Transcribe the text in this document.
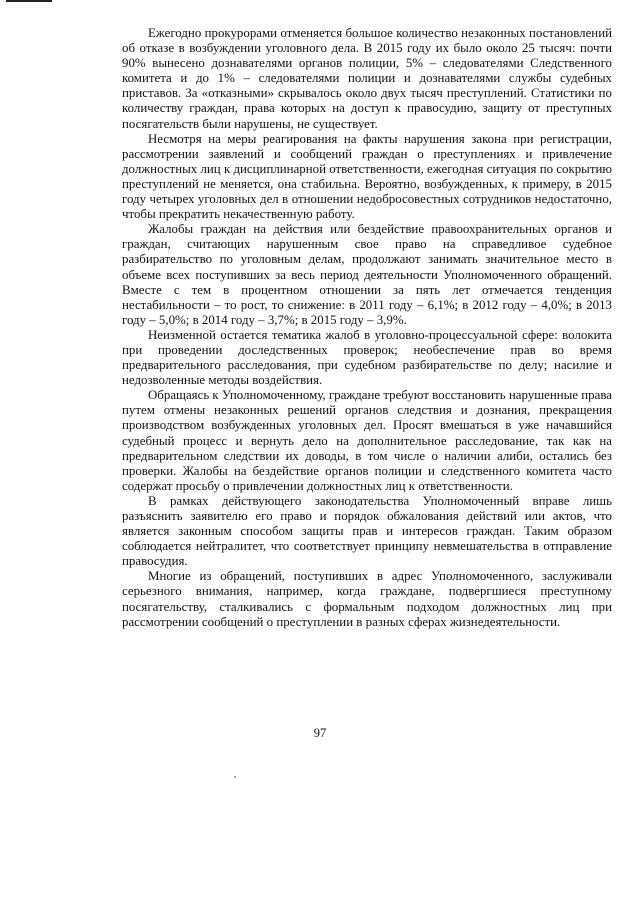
Ежегодно прокурорами отменяется большое количество незаконных постановлений об отказе в возбуждении уголовного дела. В 2015 году их было около 25 тысяч: почти 90% вынесено дознавателями органов полиции, 5% – следователями Следственного комитета и до 1% – следователями полиции и дознавателями службы судебных приставов. За «отказными» скрывалось около двух тысяч преступлений. Статистики по количеству граждан, права которых на доступ к правосудию, защиту от преступных посягательств были нарушены, не существует.

Несмотря на меры реагирования на факты нарушения закона при регистрации, рассмотрении заявлений и сообщений граждан о преступлениях и привлечение должностных лиц к дисциплинарной ответственности, ежегодная ситуация по сокрытию преступлений не меняется, она стабильна. Вероятно, возбужденных, к примеру, в 2015 году четырех уголовных дел в отношении недобросовестных сотрудников недостаточно, чтобы прекратить некачественную работу.

Жалобы граждан на действия или бездействие правоохранительных органов и граждан, считающих нарушенным свое право на справедливое судебное разбирательство по уголовным делам, продолжают занимать значительное место в объеме всех поступивших за весь период деятельности Уполномоченного обращений. Вместе с тем в процентном отношении за пять лет отмечается тенденция нестабильности – то рост, то снижение: в 2011 году – 6,1%; в 2012 году – 4,0%; в 2013 году – 5,0%; в 2014 году – 3,7%; в 2015 году – 3,9%.

Неизменной остается тематика жалоб в уголовно-процессуальной сфере: волокита при проведении доследственных проверок; необеспечение прав во время предварительного расследования, при судебном разбирательстве по делу; насилие и недозволенные методы воздействия.

Обращаясь к Уполномоченному, граждане требуют восстановить нарушенные права путем отмены незаконных решений органов следствия и дознания, прекращения производством возбужденных уголовных дел. Просят вмешаться в уже начавшийся судебный процесс и вернуть дело на дополнительное расследование, так как на предварительном следствии их доводы, в том числе о наличии алиби, остались без проверки. Жалобы на бездействие органов полиции и следственного комитета часто содержат просьбу о привлечении должностных лиц к ответственности.

В рамках действующего законодательства Уполномоченный вправе лишь разъяснить заявителю его право и порядок обжалования действий или актов, что является законным способом защиты прав и интересов граждан. Таким образом соблюдается нейтралитет, что соответствует принципу невмешательства в отправление правосудия.

Многие из обращений, поступивших в адрес Уполномоченного, заслуживали серьезного внимания, например, когда граждане, подвергшиеся преступному посягательству, сталкивались с формальным подходом должностных лиц при рассмотрении сообщений о преступлении в разных сферах жизнедеятельности.

97
